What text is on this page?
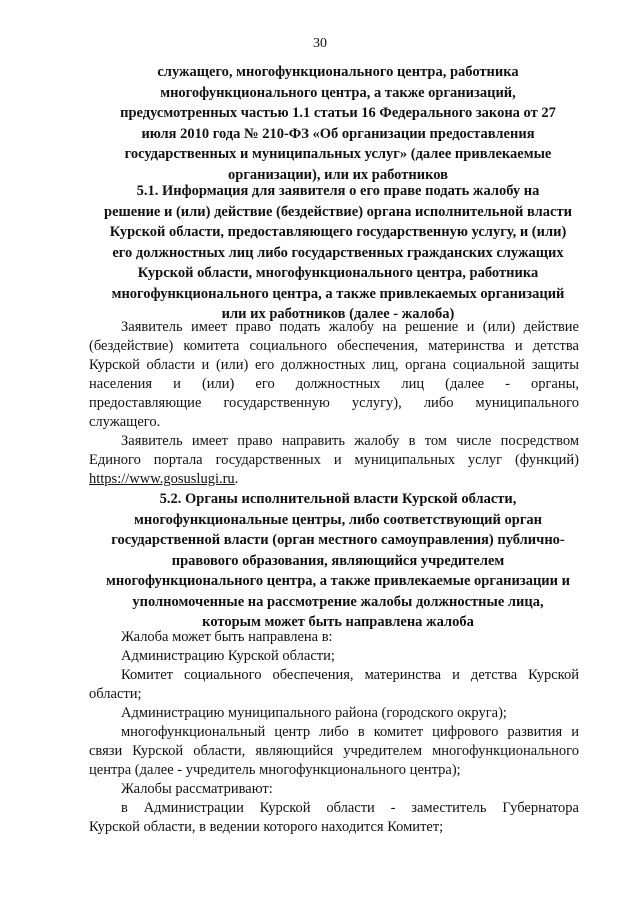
30
служащего, многофункционального центра, работника
многофункционального центра, а также организаций,
предусмотренных частью 1.1 статьи 16 Федерального закона от 27
июля 2010 года № 210-ФЗ «Об организации предоставления
государственных и муниципальных услуг» (далее привлекаемые
организации), или их работников
5.1. Информация для заявителя о его праве подать жалобу на
решение и (или) действие (бездействие) органа исполнительной власти
Курской области, предоставляющего государственную услугу, и (или)
его должностных лиц либо государственных гражданских служащих
Курской области, многофункционального центра, работника
многофункционального центра, а также привлекаемых организаций
или их работников (далее - жалоба)
Заявитель имеет право подать жалобу на решение и (или) действие
(бездействие) комитета социального обеспечения, материнства и детства
Курской области и (или) его должностных лиц, органа социальной защиты
населения и (или) его должностных лиц (далее - органы,
предоставляющие государственную услугу), либо муниципального
служащего.
Заявитель имеет право направить жалобу в том числе посредством
Единого портала государственных и муниципальных услуг (функций)
https://www.gosuslugi.ru.
5.2. Органы исполнительной власти Курской области,
многофункциональные центры, либо соответствующий орган
государственной власти (орган местного самоуправления) публично-
правового образования, являющийся учредителем
многофункционального центра, а также привлекаемые организации и
уполномоченные на рассмотрение жалобы должностные лица,
которым может быть направлена жалоба
Жалоба может быть направлена в:
Администрацию Курской области;
Комитет социального обеспечения, материнства и детства Курской
области;
Администрацию муниципального района (городского округа);
многофункциональный центр либо в комитет цифрового развития и
связи Курской области, являющийся учредителем многофункционального
центра (далее - учредитель многофункционального центра);
Жалобы рассматривают:
в Администрации Курской области - заместитель Губернатора
Курской области, в ведении которого находится Комитет;
